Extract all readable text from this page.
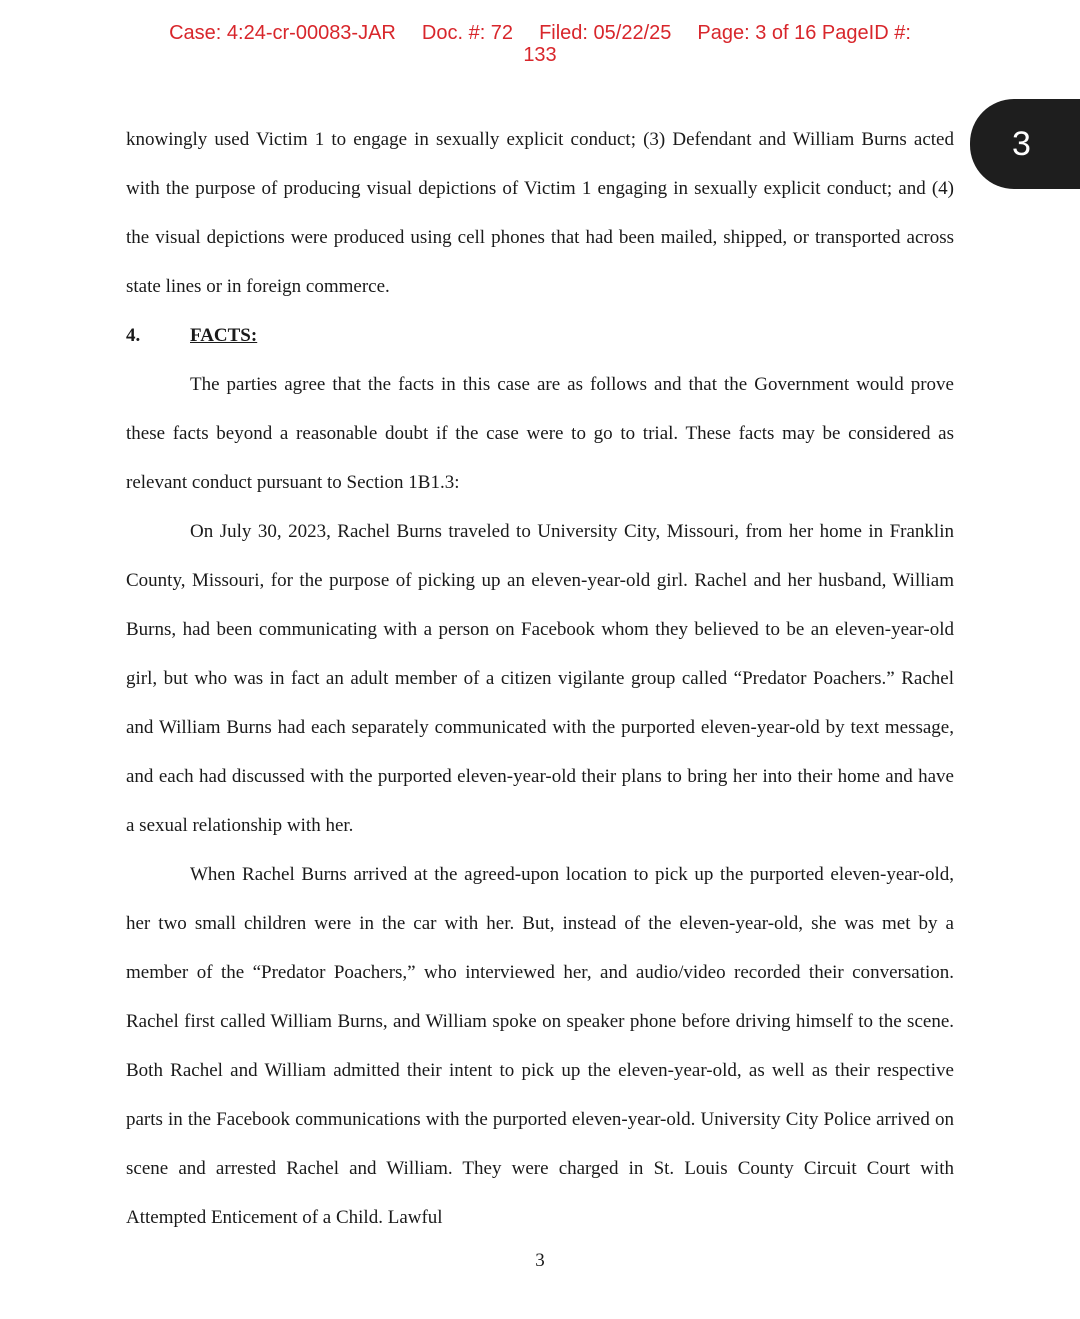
Case: 4:24-cr-00083-JAR Doc. #: 72 Filed: 05/22/25 Page: 3 of 16 PageID #:
133
3

knowingly used Victim 1 to engage in sexually explicit conduct; (3) Defendant and William Burns acted with the purpose of producing visual depictions of Victim 1 engaging in sexually explicit conduct; and (4) the visual depictions were produced using cell phones that had been mailed, shipped, or transported across state lines or in foreign commerce.

4.	FACTS:

The parties agree that the facts in this case are as follows and that the Government would prove these facts beyond a reasonable doubt if the case were to go to trial. These facts may be considered as relevant conduct pursuant to Section 1B1.3:

On July 30, 2023, Rachel Burns traveled to University City, Missouri, from her home in Franklin County, Missouri, for the purpose of picking up an eleven-year-old girl. Rachel and her husband, William Burns, had been communicating with a person on Facebook whom they believed to be an eleven-year-old girl, but who was in fact an adult member of a citizen vigilante group called “Predator Poachers.” Rachel and William Burns had each separately communicated with the purported eleven-year-old by text message, and each had discussed with the purported eleven-year-old their plans to bring her into their home and have a sexual relationship with her.

When Rachel Burns arrived at the agreed-upon location to pick up the purported eleven-year-old, her two small children were in the car with her. But, instead of the eleven-year-old, she was met by a member of the “Predator Poachers,” who interviewed her, and audio/video recorded their conversation. Rachel first called William Burns, and William spoke on speaker phone before driving himself to the scene. Both Rachel and William admitted their intent to pick up the eleven-year-old, as well as their respective parts in the Facebook communications with the purported eleven-year-old. University City Police arrived on scene and arrested Rachel and William. They were charged in St. Louis County Circuit Court with Attempted Enticement of a Child. Lawful

3
